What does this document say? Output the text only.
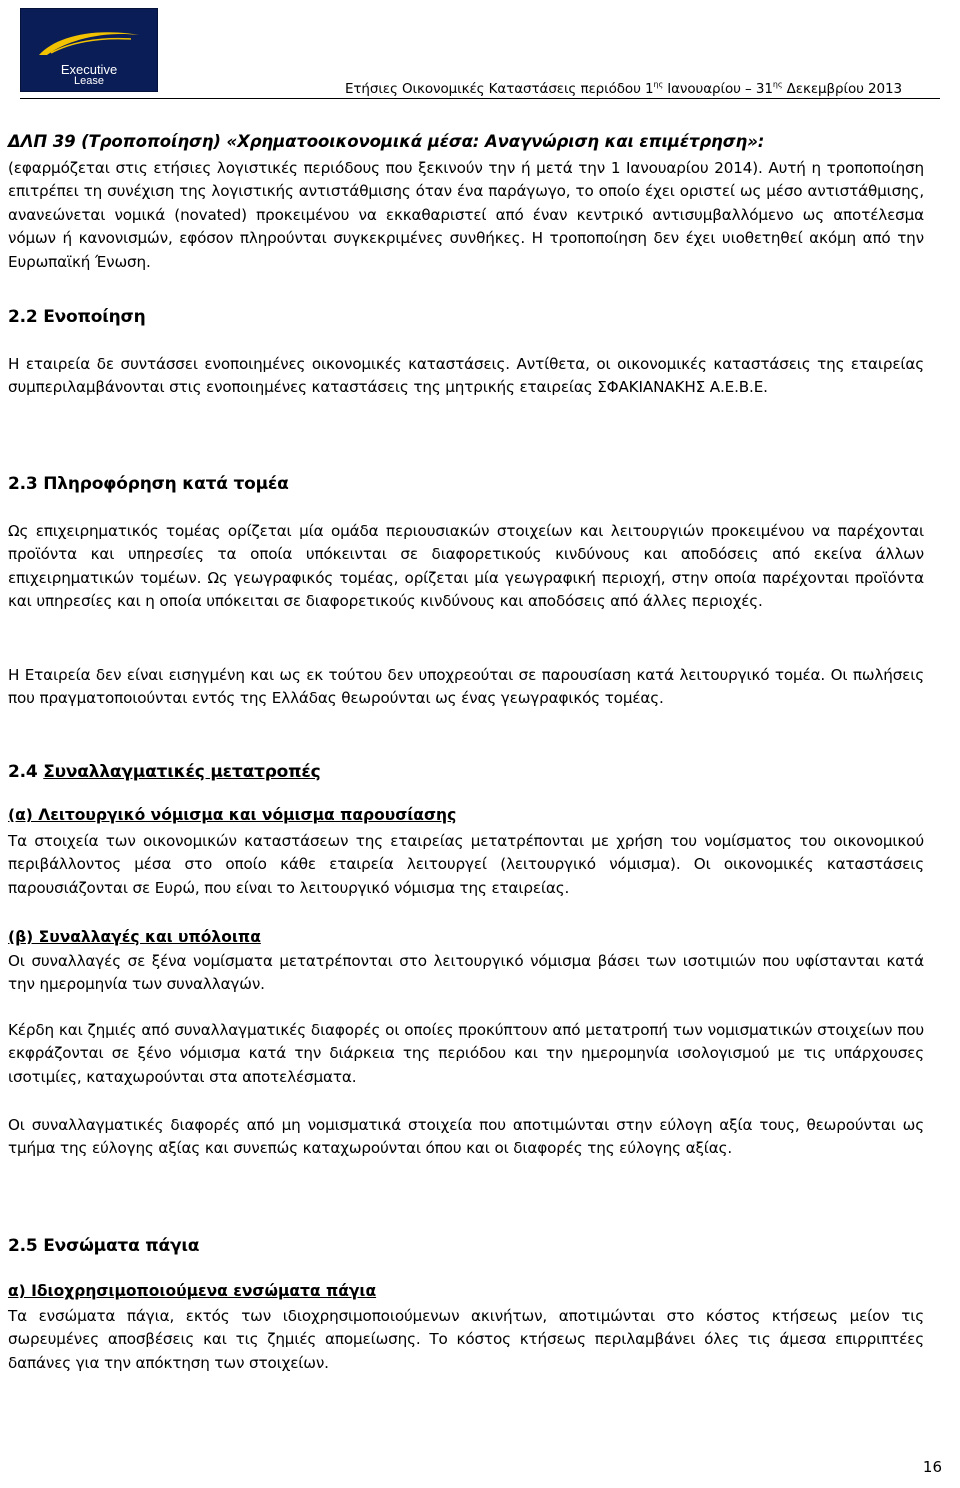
Executive
Lease	Ετήσιες Οικονομικές Καταστάσεις περιόδου $1^{\eta\varsigma}$ Ιανουαρίου – $31^{\eta\varsigma}$ Δεκεμβρίου 2013
ΔΛΠ 39 (Τροποποίηση) «Χρηματοοικονομικά μέσα: Αναγνώριση και επιμέτρηση»:

(εφαρμόζεται στις ετήσιες λογιστικές περιόδους που ξεκινούν την ή μετά την 1 Ιανουαρίου 2014). Αυτή η τροποποίηση επιτρέπει τη συνέχιση της λογιστικής αντιστάθμισης όταν ένα παράγωγο, το οποίο έχει οριστεί ως μέσο αντιστάθμισης, ανανεώνεται νομικά (novated) προκειμένου να εκκαθαριστεί από έναν κεντρικό αντισυμβαλλόμενο ως αποτέλεσμα νόμων ή κανονισμών, εφόσον πληρούνται συγκεκριμένες συνθήκες. Η τροποποίηση δεν έχει υιοθετηθεί ακόμη από την Ευρωπαϊκή Ένωση.

2.2 Ενοποίηση

Η εταιρεία δε συντάσσει ενοποιημένες οικονομικές καταστάσεις. Αντίθετα, οι οικονομικές καταστάσεις της εταιρείας συμπεριλαμβάνονται στις ενοποιημένες καταστάσεις της μητρικής εταιρείας ΣΦΑΚΙΑΝΑΚΗΣ Α.Ε.Β.Ε.

2.3 Πληροφόρηση κατά τομέα

Ως επιχειρηματικός τομέας ορίζεται μία ομάδα περιουσιακών στοιχείων και λειτουργιών προκειμένου να παρέχονται προϊόντα και υπηρεσίες τα οποία υπόκεινται σε διαφορετικούς κινδύνους και αποδόσεις από εκείνα άλλων επιχειρηματικών τομέων. Ως γεωγραφικός τομέας, ορίζεται μία γεωγραφική περιοχή, στην οποία παρέχονται προϊόντα και υπηρεσίες και η οποία υπόκειται σε διαφορετικούς κινδύνους και αποδόσεις από άλλες περιοχές.

Η Εταιρεία δεν είναι εισηγμένη και ως εκ τούτου δεν υποχρεούται σε παρουσίαση κατά λειτουργικό τομέα. Οι πωλήσεις που πραγματοποιούνται εντός της Ελλάδας θεωρούνται ως ένας γεωγραφικός τομέας.

2.4 Συναλλαγματικές μετατροπές
(α) Λειτουργικό νόμισμα και νόμισμα παρουσίασης

Τα στοιχεία των οικονομικών καταστάσεων της εταιρείας μετατρέπονται με χρήση του νομίσματος του οικονομικού περιβάλλοντος μέσα στο οποίο κάθε εταιρεία λειτουργεί (λειτουργικό νόμισμα). Οι οικονομικές καταστάσεις παρουσιάζονται σε Ευρώ, που είναι το λειτουργικό νόμισμα της εταιρείας.

(β) Συναλλαγές και υπόλοιπα

Οι συναλλαγές σε ξένα νομίσματα μετατρέπονται στο λειτουργικό νόμισμα βάσει των ισοτιμιών που υφίστανται κατά την ημερομηνία των συναλλαγών.

Κέρδη και ζημιές από συναλλαγματικές διαφορές οι οποίες προκύπτουν από μετατροπή των νομισματικών στοιχείων που εκφράζονται σε ξένο νόμισμα κατά την διάρκεια της περιόδου και την ημερομηνία ισολογισμού με τις υπάρχουσες ισοτιμίες, καταχωρούνται στα αποτελέσματα.

Οι συναλλαγματικές διαφορές από μη νομισματικά στοιχεία που αποτιμώνται στην εύλογη αξία τους, θεωρούνται ως τμήμα της εύλογης αξίας και συνεπώς καταχωρούνται όπου και οι διαφορές της εύλογης αξίας.

2.5 Ενσώματα πάγια
α) Ιδιοχρησιμοποιούμενα ενσώματα πάγια

Τα ενσώματα πάγια, εκτός των ιδιοχρησιμοποιούμενων ακινήτων, αποτιμώνται στο κόστος κτήσεως μείον τις σωρευμένες αποσβέσεις και τις ζημιές απομείωσης. Το κόστος κτήσεως περιλαμβάνει όλες τις άμεσα επιρριπτέες δαπάνες για την απόκτηση των στοιχείων.

16
